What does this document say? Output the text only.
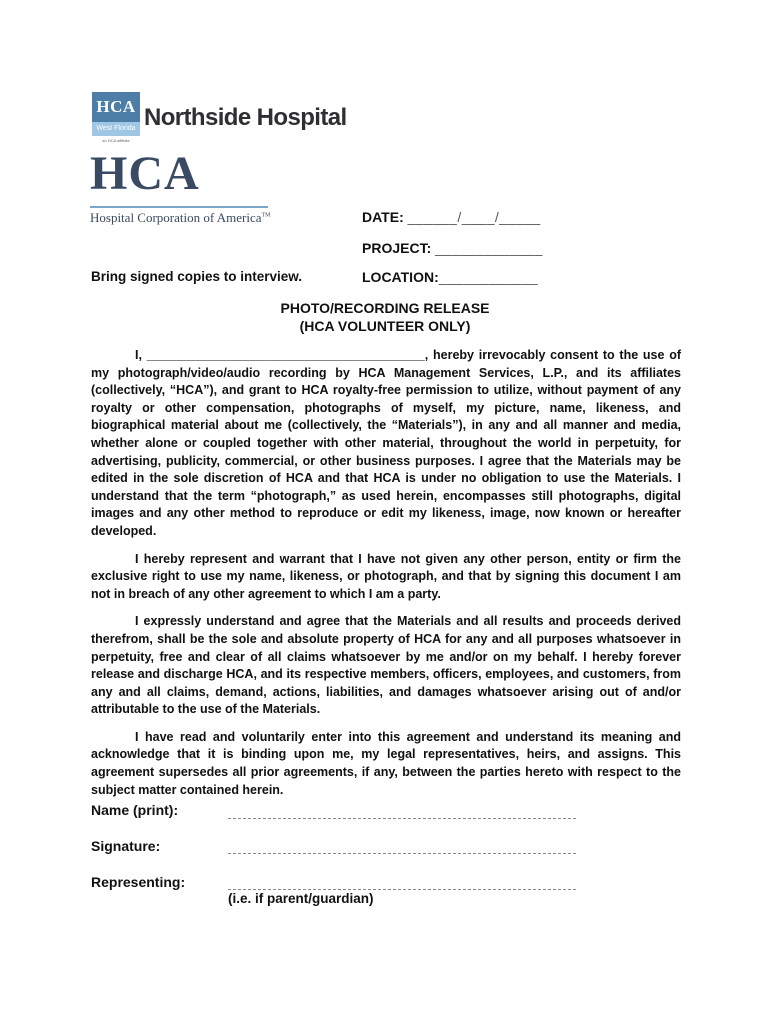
HCA
West Florida
an HCA affiliate
Northside Hospital
HCA
Hospital Corporation of America™	DATE: ______/____/_____
PROJECT: _____________
LOCATION:____________
Bring signed copies to interview.
PHOTO/RECORDING RELEASE
(HCA VOLUNTEER ONLY)

I, ________________________________________, hereby irrevocably consent to the use of my photograph/video/audio recording by HCA Management Services, L.P., and its affiliates (collectively, “HCA”), and grant to HCA royalty-free permission to utilize, without payment of any royalty or other compensation, photographs of myself, my picture, name, likeness, and biographical material about me (collectively, the “Materials”), in any and all manner and media, whether alone or coupled together with other material, throughout the world in perpetuity, for advertising, publicity, commercial, or other business purposes. I agree that the Materials may be edited in the sole discretion of HCA and that HCA is under no obligation to use the Materials. I understand that the term “photograph,” as used herein, encompasses still photographs, digital images and any other method to reproduce or edit my likeness, image, now known or hereafter developed.

I hereby represent and warrant that I have not given any other person, entity or firm the exclusive right to use my name, likeness, or photograph, and that by signing this document I am not in breach of any other agreement to which I am a party.

I expressly understand and agree that the Materials and all results and proceeds derived therefrom, shall be the sole and absolute property of HCA for any and all purposes whatsoever in perpetuity, free and clear of all claims whatsoever by me and/or on my behalf. I hereby forever release and discharge HCA, and its respective members, officers, employees, and customers, from any and all claims, demand, actions, liabilities, and damages whatsoever arising out of and/or attributable to the use of the Materials.

I have read and voluntarily enter into this agreement and understand its meaning and acknowledge that it is binding upon me, my legal representatives, heirs, and assigns. This agreement supersedes all prior agreements, if any, between the parties hereto with respect to the subject matter contained herein.

Name (print):
Signature:
Representing:
(i.e. if parent/guardian)
